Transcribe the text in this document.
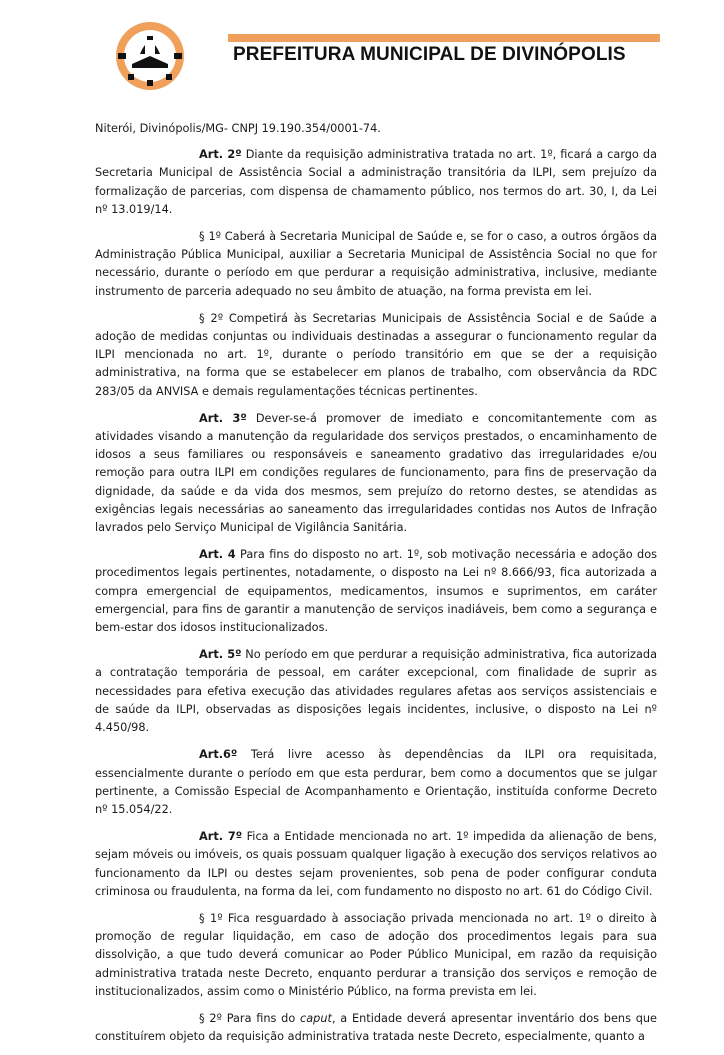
PREFEITURA MUNICIPAL DE DIVINÓPOLIS

Niterói, Divinópolis/MG- CNPJ 19.190.354/0001-74.

Art. 2º Diante da requisição administrativa tratada no art. 1º, ficará a cargo da Secretaria Municipal de Assistência Social a administração transitória da ILPI, sem prejuízo da formalização de parcerias, com dispensa de chamamento público, nos termos do art. 30, I, da Lei nº 13.019/14.

§ 1º Caberá à Secretaria Municipal de Saúde e, se for o caso, a outros órgãos da Administração Pública Municipal, auxiliar a Secretaria Municipal de Assistência Social no que for necessário, durante o período em que perdurar a requisição administrativa, inclusive, mediante instrumento de parceria adequado no seu âmbito de atuação, na forma prevista em lei.

§ 2º Competirá às Secretarias Municipais de Assistência Social e de Saúde a adoção de medidas conjuntas ou individuais destinadas a assegurar o funcionamento regular da ILPI mencionada no art. 1º, durante o período transitório em que se der a requisição administrativa, na forma que se estabelecer em planos de trabalho, com observância da RDC 283/05 da ANVISA e demais regulamentações técnicas pertinentes.

Art. 3º Dever-se-á promover de imediato e concomitantemente com as atividades visando a manutenção da regularidade dos serviços prestados, o encaminhamento de idosos a seus familiares ou responsáveis e saneamento gradativo das irregularidades e/ou remoção para outra ILPI em condições regulares de funcionamento, para fins de preservação da dignidade, da saúde e da vida dos mesmos, sem prejuízo do retorno destes, se atendidas as exigências legais necessárias ao saneamento das irregularidades contidas nos Autos de Infração lavrados pelo Serviço Municipal de Vigilância Sanitária.

Art. 4 Para fins do disposto no art. 1º, sob motivação necessária e adoção dos procedimentos legais pertinentes, notadamente, o disposto na Lei nº 8.666/93, fica autorizada a compra emergencial de equipamentos, medicamentos, insumos e suprimentos, em caráter emergencial, para fins de garantir a manutenção de serviços inadiáveis, bem como a segurança e bem-estar dos idosos institucionalizados.

Art. 5º No período em que perdurar a requisição administrativa, fica autorizada a contratação temporária de pessoal, em caráter excepcional, com finalidade de suprir as necessidades para efetiva execução das atividades regulares afetas aos serviços assistenciais e de saúde da ILPI, observadas as disposições legais incidentes, inclusive, o disposto na Lei nº 4.450/98.

Art.6º Terá livre acesso às dependências da ILPI ora requisitada, essencialmente durante o período em que esta perdurar, bem como a documentos que se julgar pertinente, a Comissão Especial de Acompanhamento e Orientação, instituída conforme Decreto nº 15.054/22.

Art. 7º Fica a Entidade mencionada no art. 1º impedida da alienação de bens, sejam móveis ou imóveis, os quais possuam qualquer ligação à execução dos serviços relativos ao funcionamento da ILPI ou destes sejam provenientes, sob pena de poder configurar conduta criminosa ou fraudulenta, na forma da lei, com fundamento no disposto no art. 61 do Código Civil.

§ 1º Fica resguardado à associação privada mencionada no art. 1º o direito à promoção de regular liquidação, em caso de adoção dos procedimentos legais para sua dissolvição, a que tudo deverá comunicar ao Poder Público Municipal, em razão da requisição administrativa tratada neste Decreto, enquanto perdurar a transição dos serviços e remoção de institucionalizados, assim como o Ministério Público, na forma prevista em lei.

§ 2º Para fins do caput, a Entidade deverá apresentar inventário dos bens que constituírem objeto da requisição administrativa tratada neste Decreto, especialmente, quanto a
